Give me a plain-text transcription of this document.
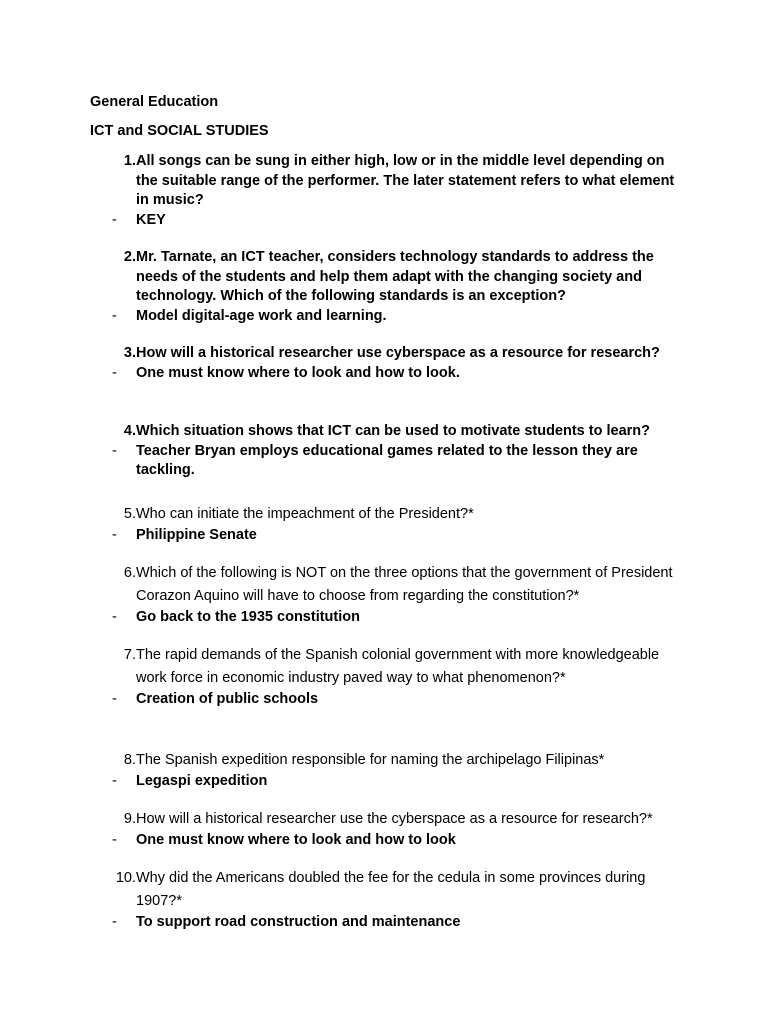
General Education
ICT and SOCIAL STUDIES
1. All songs can be sung in either high, low or in the middle level depending on the suitable range of the performer. The later statement refers to what element in music?
-	KEY
2. Mr. Tarnate, an ICT teacher, considers technology standards to address the needs of the students and help them adapt with the changing society and technology. Which of the following standards is an exception?
-	Model digital-age work and learning.
3. How will a historical researcher use cyberspace as a resource for research?
-	One must know where to look and how to look.
4. Which situation shows that ICT can be used to motivate students to learn?
-	Teacher Bryan employs educational games related to the lesson they are tackling.
5. Who can initiate the impeachment of the President?*
-	Philippine Senate
6. Which of the following is NOT on the three options that the government of President Corazon Aquino will have to choose from regarding the constitution?*
-	Go back to the 1935 constitution
7. The rapid demands of the Spanish colonial government with more knowledgeable work force in economic industry paved way to what phenomenon?*
-	Creation of public schools
8. The Spanish expedition responsible for naming the archipelago Filipinas*
-	Legaspi expedition
9. How will a historical researcher use the cyberspace as a resource for research?*
-	One must know where to look and how to look
10. Why did the Americans doubled the fee for the cedula in some provinces during 1907?*
-	To support road construction and maintenance
